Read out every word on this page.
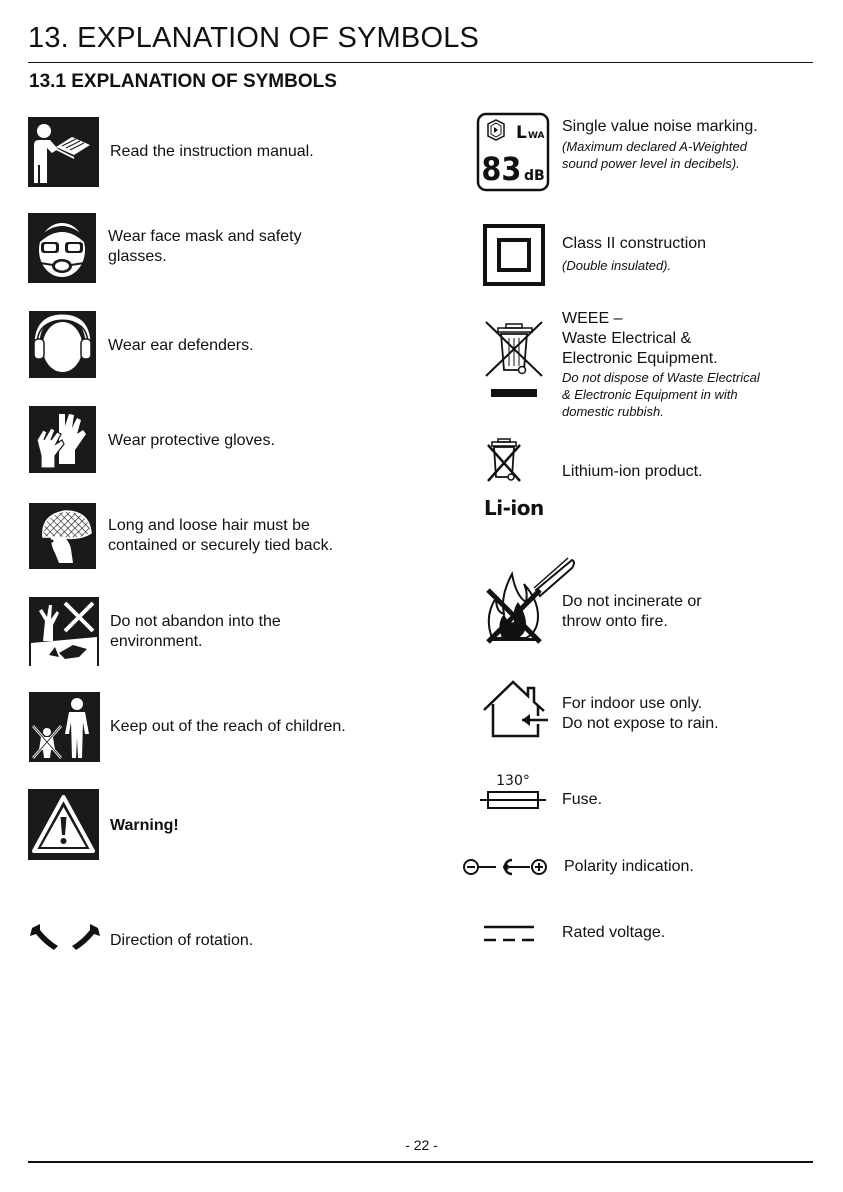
13. EXPLANATION OF SYMBOLS
13.1 EXPLANATION OF SYMBOLS
Read the instruction manual.
Wear face mask and safety
glasses.
Wear ear defenders.
Wear protective gloves.
Long and loose hair must be
contained or securely tied back.
Do not abandon into the
environment.
Keep out of the reach of children.
Warning!
Direction of rotation.
L WA
83 dB
Single value noise marking.
(Maximum declared A-Weighted
sound power level in decibels).
Class II construction
(Double insulated).
WEEE –
Waste Electrical &
Electronic Equipment.
Do not dispose of Waste Electrical
& Electronic Equipment in with
domestic rubbish.
Li-ion
Lithium-ion product.
Do not incinerate or
throw onto fire.
For indoor use only.
Do not expose to rain.
130°
Fuse.
Polarity indication.
Rated voltage.
- 22 -
